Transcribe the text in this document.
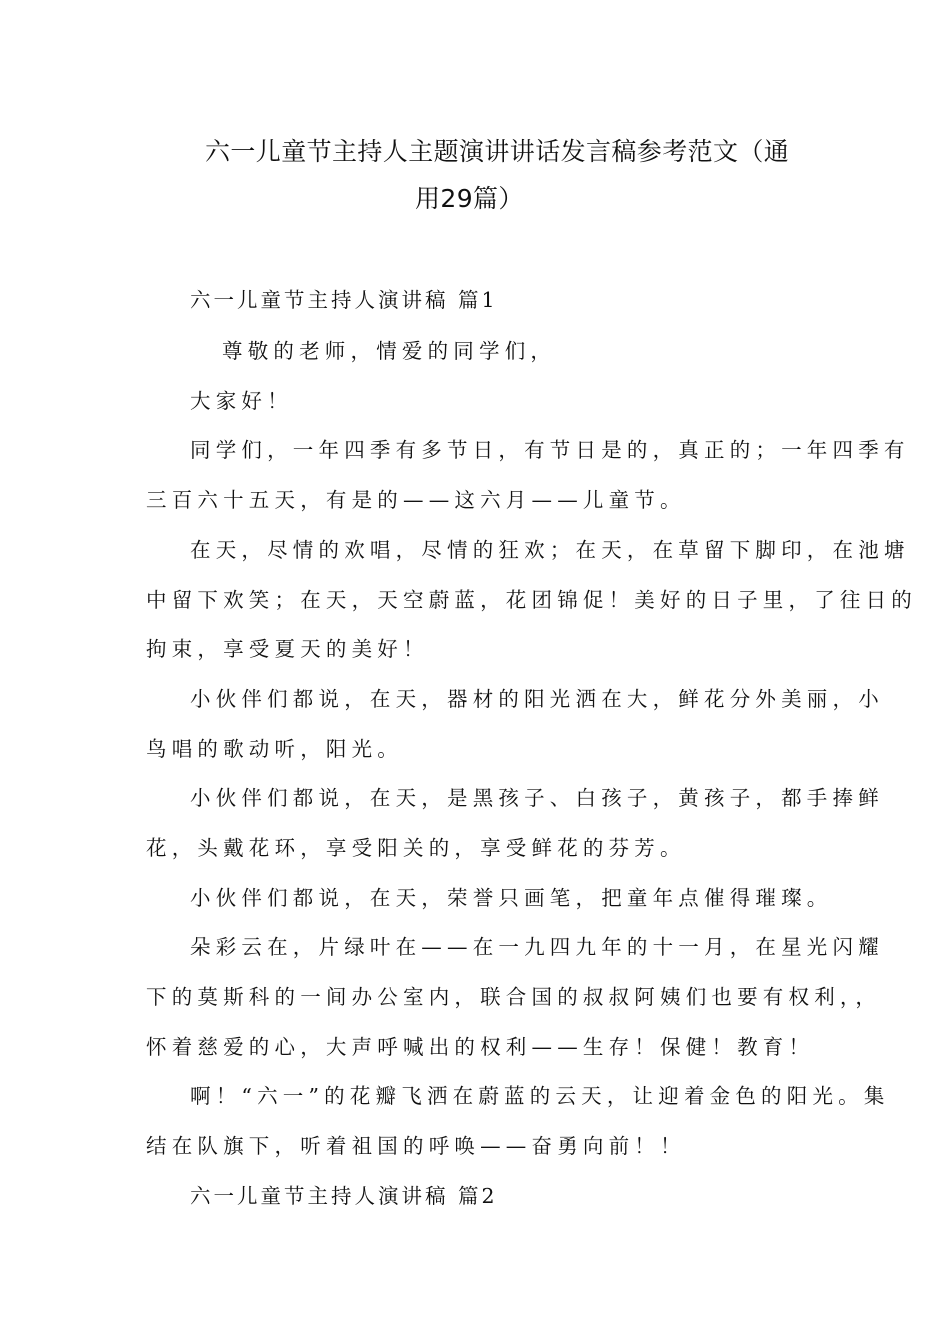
六一儿童节主持人主题演讲讲话发言稿参考范文（通
用29篇）
六一儿童节主持人演讲稿 篇1
尊敬的老师，情爱的同学们，
大家好！
同学们，一年四季有多节日，有节日是的，真正的；一年四季有
三百六十五天，有是的——这六月——儿童节。
在天，尽情的欢唱，尽情的狂欢；在天，在草留下脚印，在池塘
中留下欢笑；在天，天空蔚蓝，花团锦促！美好的日子里，了往日的
拘束，享受夏天的美好！
小伙伴们都说，在天，器材的阳光洒在大，鲜花分外美丽，小
鸟唱的歌动听，阳光。
小伙伴们都说，在天，是黑孩子、白孩子，黄孩子，都手捧鲜
花，头戴花环，享受阳关的，享受鲜花的芬芳。
小伙伴们都说，在天，荣誉只画笔，把童年点催得璀璨。
朵彩云在，片绿叶在——在一九四九年的十一月，在星光闪耀
下的莫斯科的一间办公室内，联合国的叔叔阿姨们也要有权利，，
怀着慈爱的心，大声呼喊出的权利——生存！保健！教育！
啊！“六一”的花瓣飞洒在蔚蓝的云天，让迎着金色的阳光。集
结在队旗下，听着祖国的呼唤——奋勇向前！！
六一儿童节主持人演讲稿 篇2
